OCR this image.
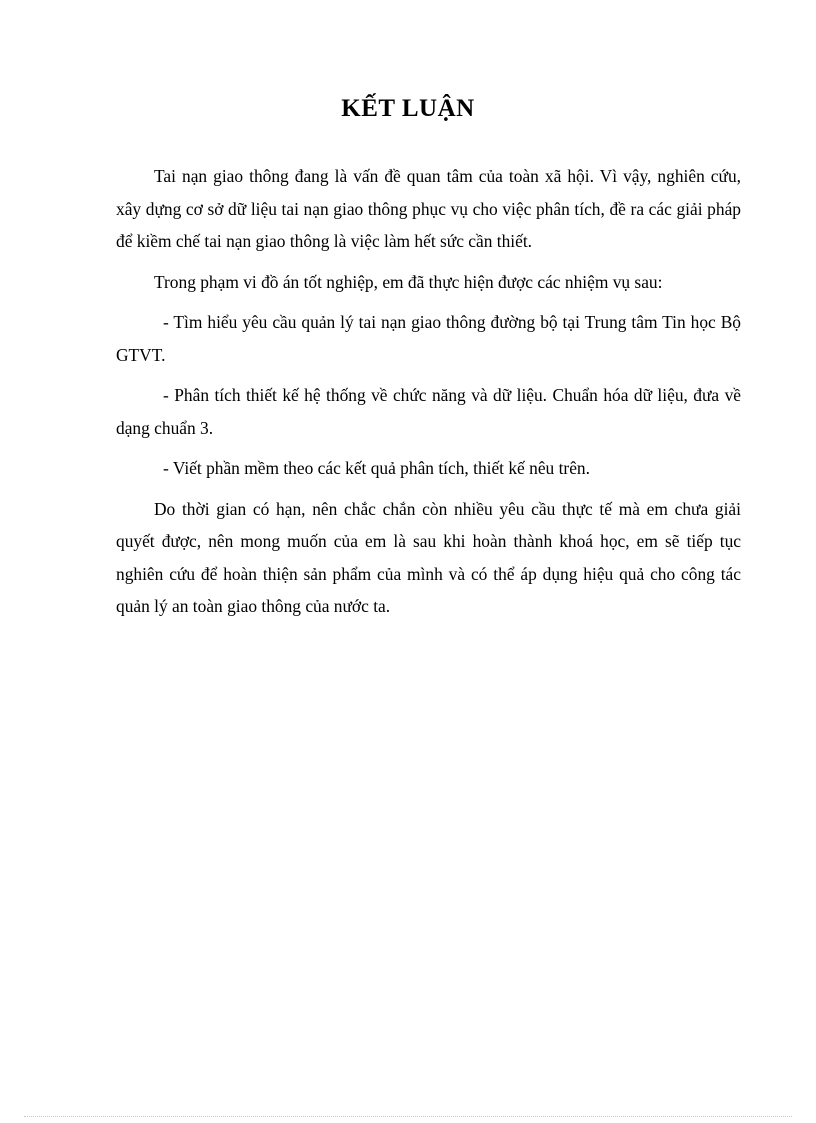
KẾT LUẬN

Tai nạn giao thông đang là vấn đề quan tâm của toàn xã hội. Vì vậy, nghiên cứu, xây dựng cơ sở dữ liệu tai nạn giao thông phục vụ cho việc phân tích, đề ra các giải pháp để kiềm chế tai nạn giao thông là việc làm hết sức cần thiết.

Trong phạm vi đồ án tốt nghiệp, em đã thực hiện được các nhiệm vụ sau:

- Tìm hiểu yêu cầu quản lý tai nạn giao thông đường bộ tại Trung tâm Tin học Bộ GTVT.

- Phân tích thiết kế hệ thống về chức năng và dữ liệu. Chuẩn hóa dữ liệu, đưa về dạng chuẩn 3.

- Viết phần mềm theo các kết quả phân tích, thiết kế nêu trên.

Do thời gian có hạn, nên chắc chắn còn nhiều yêu cầu thực tế mà em chưa giải quyết được, nên mong muốn của em là sau khi hoàn thành khoá học, em sẽ tiếp tục nghiên cứu để hoàn thiện sản phẩm của mình và có thể áp dụng hiệu quả cho công tác quản lý an toàn giao thông của nước ta.
